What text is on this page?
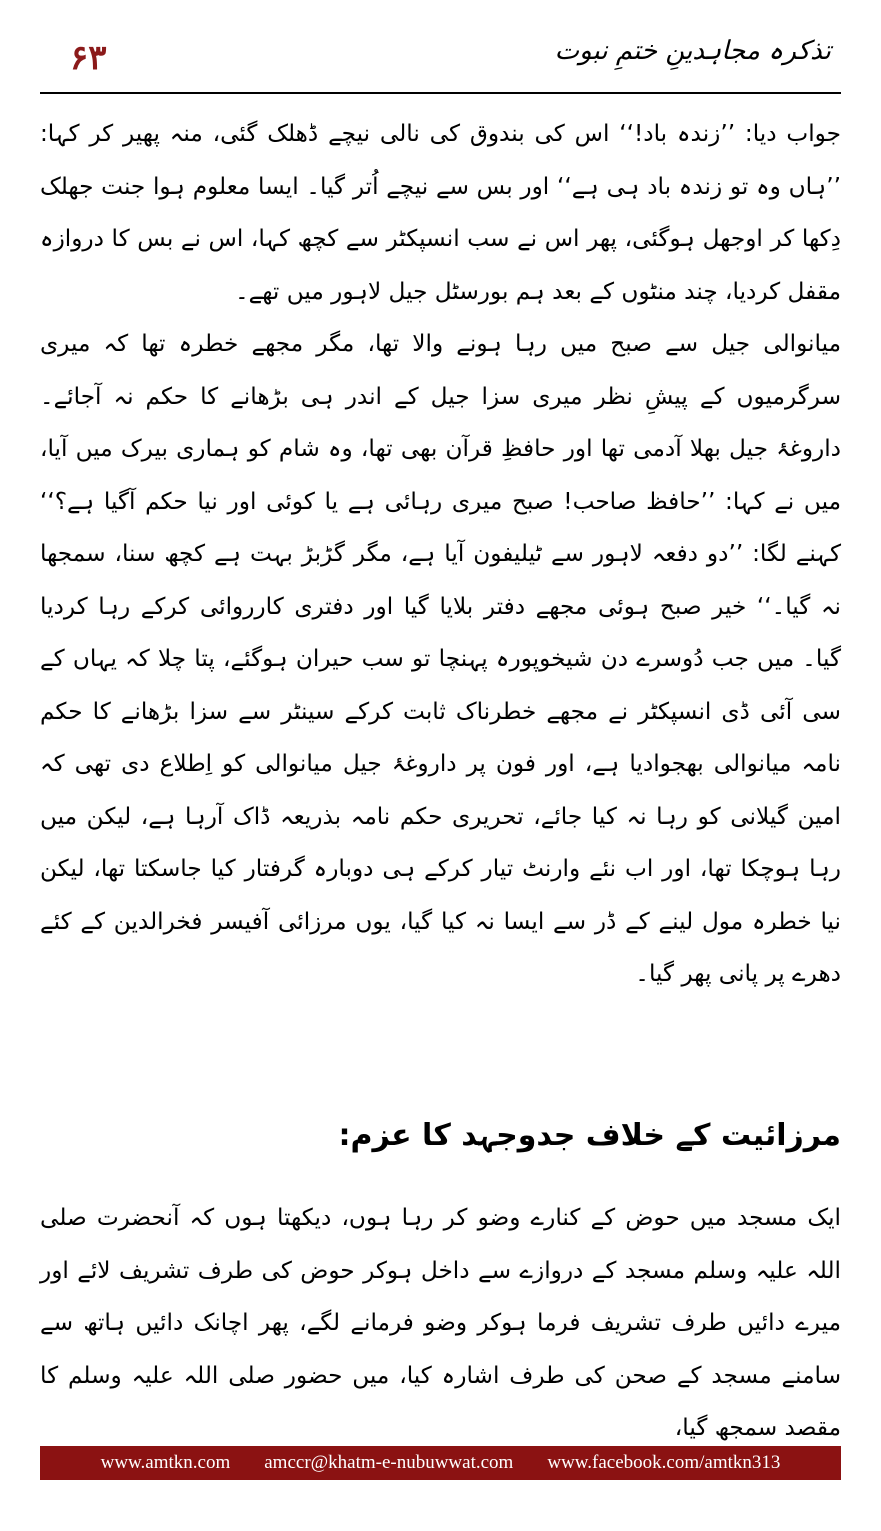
۶۳	تذکرہ مجاہدینِ ختمِ نبوت

جواب دیا: ’’زندہ باد!‘‘ اس کی بندوق کی نالی نیچے ڈھلک گئی، منہ پھیر کر کہا: ’’ہاں وہ تو زندہ باد ہی ہے‘‘ اور بس سے نیچے اُتر گیا۔ ایسا معلوم ہوا جنت جھلک دِکھا کر اوجھل ہوگئی، پھر اس نے سب انسپکٹر سے کچھ کہا، اس نے بس کا دروازہ مقفل کردیا، چند منٹوں کے بعد ہم بورسٹل جیل لاہور میں تھے۔

میانوالی جیل سے صبح میں رہا ہونے والا تھا، مگر مجھے خطرہ تھا کہ میری سرگرمیوں کے پیشِ نظر میری سزا جیل کے اندر ہی بڑھانے کا حکم نہ آجائے۔ داروغۂ جیل بھلا آدمی تھا اور حافظِ قرآن بھی تھا، وہ شام کو ہماری بیرک میں آیا، میں نے کہا: ’’حافظ صاحب! صبح میری رہائی ہے یا کوئی اور نیا حکم آگیا ہے؟‘‘ کہنے لگا: ’’دو دفعہ لاہور سے ٹیلیفون آیا ہے، مگر گڑبڑ بہت ہے کچھ سنا، سمجھا نہ گیا۔‘‘ خیر صبح ہوئی مجھے دفتر بلایا گیا اور دفتری کارروائی کرکے رہا کردیا گیا۔ میں جب دُوسرے دن شیخوپورہ پہنچا تو سب حیران ہوگئے، پتا چلا کہ یہاں کے سی آئی ڈی انسپکٹر نے مجھے خطرناک ثابت کرکے سینٹر سے سزا بڑھانے کا حکم نامہ میانوالی بھجوادیا ہے، اور فون پر داروغۂ جیل میانوالی کو اِطلاع دی تھی کہ امین گیلانی کو رہا نہ کیا جائے، تحریری حکم نامہ بذریعہ ڈاک آرہا ہے، لیکن میں رہا ہوچکا تھا، اور اب نئے وارنٹ تیار کرکے ہی دوبارہ گرفتار کیا جاسکتا تھا، لیکن نیا خطرہ مول لینے کے ڈر سے ایسا نہ کیا گیا، یوں مرزائی آفیسر فخرالدین کے کئے دھرے پر پانی پھر گیا۔

مرزائیت کے خلاف جدوجہد کا عزم:

ایک مسجد میں حوض کے کنارے وضو کر رہا ہوں، دیکھتا ہوں کہ آنحضرت صلی اللہ علیہ وسلم مسجد کے دروازے سے داخل ہوکر حوض کی طرف تشریف لائے اور میرے دائیں طرف تشریف فرما ہوکر وضو فرمانے لگے، پھر اچانک دائیں ہاتھ سے سامنے مسجد کے صحن کی طرف اشارہ کیا، میں حضور صلی اللہ علیہ وسلم کا مقصد سمجھ گیا،

www.amtkn.com amccr@khatm-e-nubuwwat.com www.facebook.com/amtkn313
